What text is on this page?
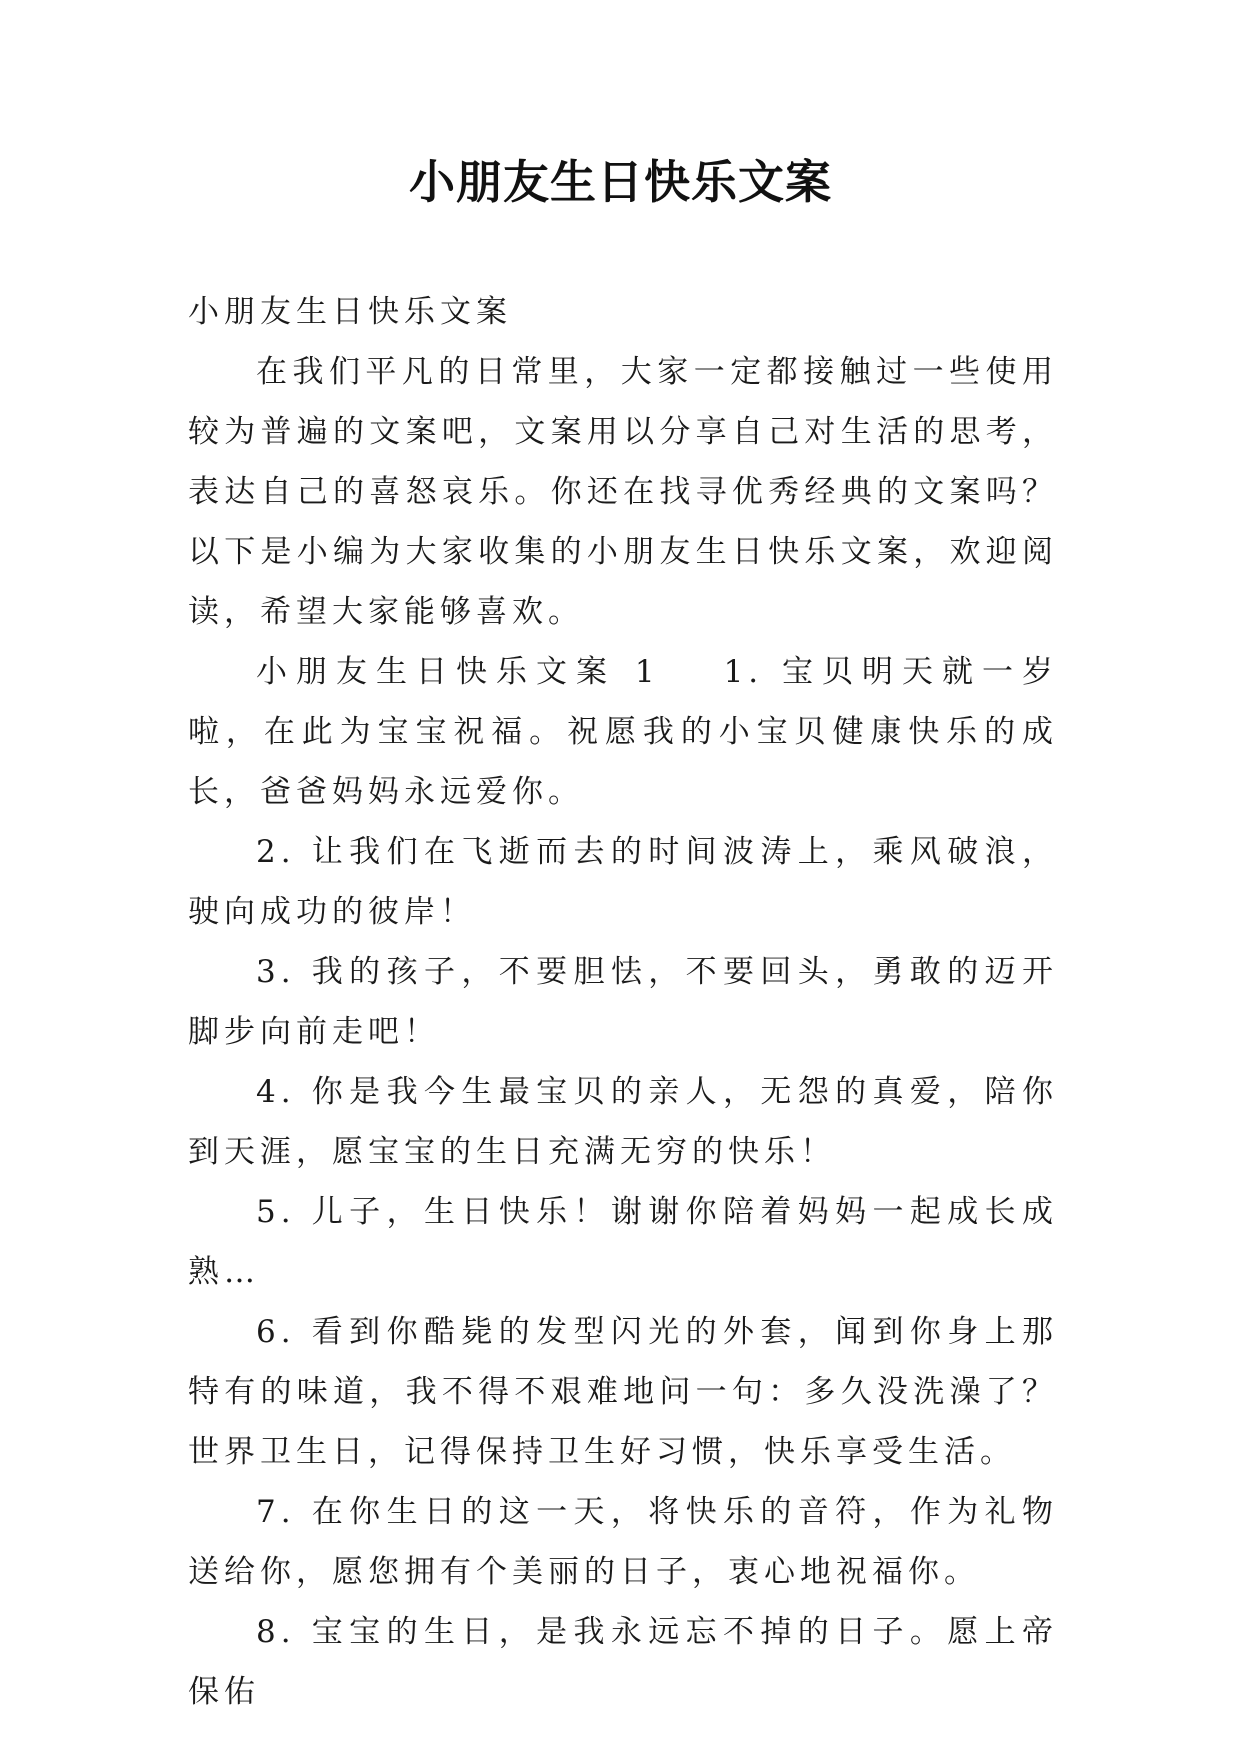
小朋友生日快乐文案

小朋友生日快乐文案

在我们平凡的日常里，大家一定都接触过一些使用较为普遍的文案吧，文案用以分享自己对生活的思考，表达自己的喜怒哀乐。你还在找寻优秀经典的文案吗？以下是小编为大家收集的小朋友生日快乐文案，欢迎阅读，希望大家能够喜欢。

小朋友生日快乐文案 1 1. 宝贝明天就一岁啦，在此为宝宝祝福。祝愿我的小宝贝健康快乐的成长，爸爸妈妈永远爱你。

2. 让我们在飞逝而去的时间波涛上，乘风破浪，驶向成功的彼岸！

3. 我的孩子，不要胆怯，不要回头，勇敢的迈开脚步向前走吧！

4. 你是我今生最宝贝的亲人，无怨的真爱，陪你到天涯，愿宝宝的生日充满无穷的快乐！

5. 儿子，生日快乐！谢谢你陪着妈妈一起成长成熟…

6. 看到你酷毙的发型闪光的外套，闻到你身上那特有的味道，我不得不艰难地问一句：多久没洗澡了？世界卫生日，记得保持卫生好习惯，快乐享受生活。

7. 在你生日的这一天，将快乐的音符，作为礼物送给你，愿您拥有个美丽的日子，衷心地祝福你。

8. 宝宝的生日，是我永远忘不掉的日子。愿上帝保佑
